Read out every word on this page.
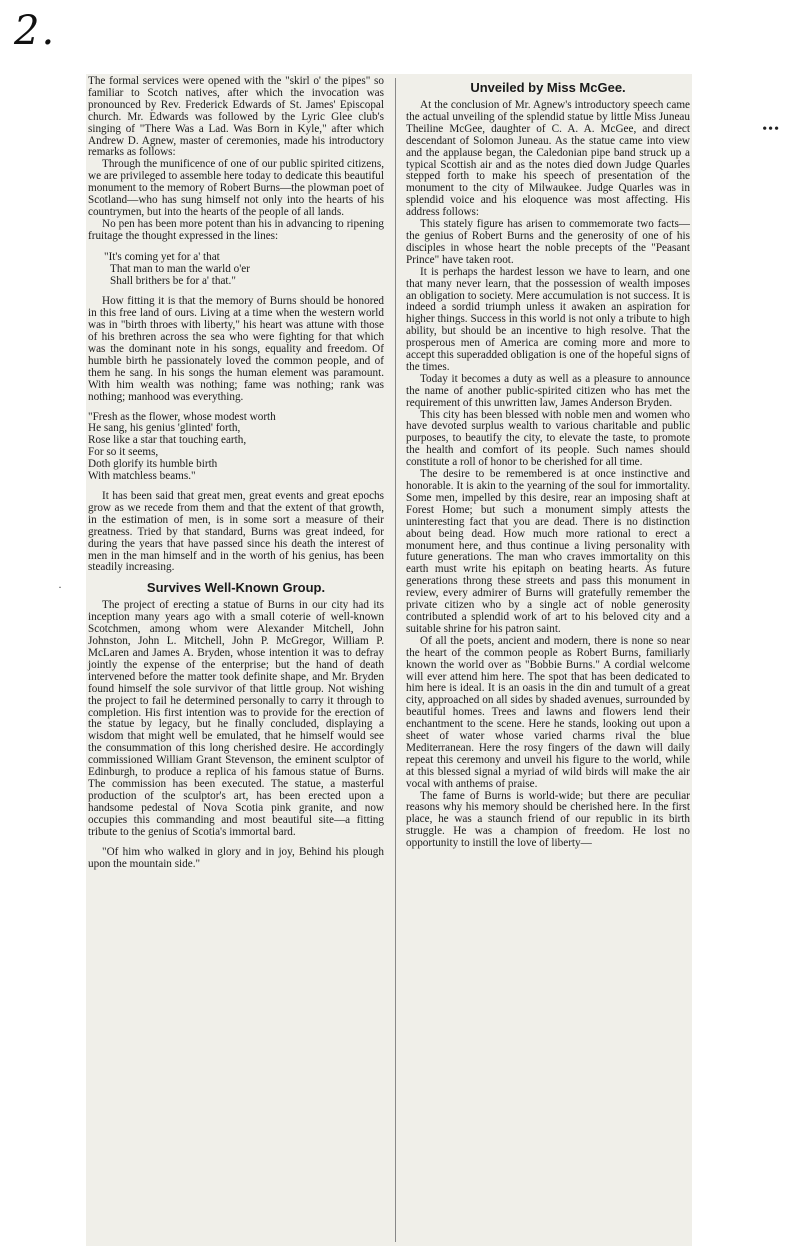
2.
•••
·

The formal services were opened with the "skirl o' the pipes" so familiar to Scotch natives, after which the invocation was pronounced by Rev. Frederick Edwards of St. James' Episcopal church. Mr. Edwards was followed by the Lyric Glee club's singing of "There Was a Lad. Was Born in Kyle," after which Andrew D. Agnew, master of ceremonies, made his introductory remarks as follows:

Through the munificence of one of our public spirited citizens, we are privileged to assemble here today to dedicate this beautiful monument to the memory of Robert Burns—the plowman poet of Scotland—who has sung himself not only into the hearts of his countrymen, but into the hearts of the people of all lands.

No pen has been more potent than his in advancing to ripening fruitage the thought expressed in the lines:

"It's coming yet for a' that
That man to man the warld o'er
Shall brithers be for a' that."

How fitting it is that the memory of Burns should be honored in this free land of ours. Living at a time when the western world was in "birth throes with liberty," his heart was attune with those of his brethren across the sea who were fighting for that which was the dominant note in his songs, equality and freedom. Of humble birth he passionately loved the common people, and of them he sang. In his songs the human element was paramount. With him wealth was nothing; fame was nothing; rank was nothing; manhood was everything.

"Fresh as the flower, whose modest worth
He sang, his genius 'glinted' forth,
Rose like a star that touching earth,
For so it seems,
Doth glorify its humble birth
With matchless beams."

It has been said that great men, great events and great epochs grow as we recede from them and that the extent of that growth, in the estimation of men, is in some sort a measure of their greatness. Tried by that standard, Burns was great indeed, for during the years that have passed since his death the interest of men in the man himself and in the worth of his genius, has been steadily increasing.

Survives Well-Known Group.

The project of erecting a statue of Burns in our city had its inception many years ago with a small coterie of well-known Scotchmen, among whom were Alexander Mitchell, John Johnston, John L. Mitchell, John P. McGregor, William P. McLaren and James A. Bryden, whose intention it was to defray jointly the expense of the enterprise; but the hand of death intervened before the matter took definite shape, and Mr. Bryden found himself the sole survivor of that little group. Not wishing the project to fail he determined personally to carry it through to completion. His first intention was to provide for the erection of the statue by legacy, but he finally concluded, displaying a wisdom that might well be emulated, that he himself would see the consummation of this long cherished desire. He accordingly commissioned William Grant Stevenson, the eminent sculptor of Edinburgh, to produce a replica of his famous statue of Burns. The commission has been executed. The statue, a masterful production of the sculptor's art, has been erected upon a handsome pedestal of Nova Scotia pink granite, and now occupies this commanding and most beautiful site—a fitting tribute to the genius of Scotia's immortal bard.

"Of him who walked in glory and in joy, Behind his plough upon the mountain side."

Unveiled by Miss McGee.

At the conclusion of Mr. Agnew's introductory speech came the actual unveiling of the splendid statue by little Miss Juneau Theiline McGee, daughter of C. A. A. McGee, and direct descendant of Solomon Juneau. As the statue came into view and the applause began, the Caledonian pipe band struck up a typical Scottish air and as the notes died down Judge Quarles stepped forth to make his speech of presentation of the monument to the city of Milwaukee. Judge Quarles was in splendid voice and his eloquence was most affecting. His address follows:

This stately figure has arisen to commemorate two facts—the genius of Robert Burns and the generosity of one of his disciples in whose heart the noble precepts of the "Peasant Prince" have taken root.

It is perhaps the hardest lesson we have to learn, and one that many never learn, that the possession of wealth imposes an obligation to society. Mere accumulation is not success. It is indeed a sordid triumph unless it awaken an aspiration for higher things. Success in this world is not only a tribute to high ability, but should be an incentive to high resolve. That the prosperous men of America are coming more and more to accept this superadded obligation is one of the hopeful signs of the times.

Today it becomes a duty as well as a pleasure to announce the name of another public-spirited citizen who has met the requirement of this unwritten law, James Anderson Bryden.

This city has been blessed with noble men and women who have devoted surplus wealth to various charitable and public purposes, to beautify the city, to elevate the taste, to promote the health and comfort of its people. Such names should constitute a roll of honor to be cherished for all time.

The desire to be remembered is at once instinctive and honorable. It is akin to the yearning of the soul for immortality. Some men, impelled by this desire, rear an imposing shaft at Forest Home; but such a monument simply attests the uninteresting fact that you are dead. There is no distinction about being dead. How much more rational to erect a monument here, and thus continue a living personality with future generations. The man who craves immortality on this earth must write his epitaph on beating hearts. As future generations throng these streets and pass this monument in review, every admirer of Burns will gratefully remember the private citizen who by a single act of noble generosity contributed a splendid work of art to his beloved city and a suitable shrine for his patron saint.

Of all the poets, ancient and modern, there is none so near the heart of the common people as Robert Burns, familiarly known the world over as "Bobbie Burns." A cordial welcome will ever attend him here. The spot that has been dedicated to him here is ideal. It is an oasis in the din and tumult of a great city, approached on all sides by shaded avenues, surrounded by beautiful homes. Trees and lawns and flowers lend their enchantment to the scene. Here he stands, looking out upon a sheet of water whose varied charms rival the blue Mediterranean. Here the rosy fingers of the dawn will daily repeat this ceremony and unveil his figure to the world, while at this blessed signal a myriad of wild birds will make the air vocal with anthems of praise.

The fame of Burns is world-wide; but there are peculiar reasons why his memory should be cherished here. In the first place, he was a staunch friend of our republic in its birth struggle. He was a champion of freedom. He lost no opportunity to instill the love of liberty—
